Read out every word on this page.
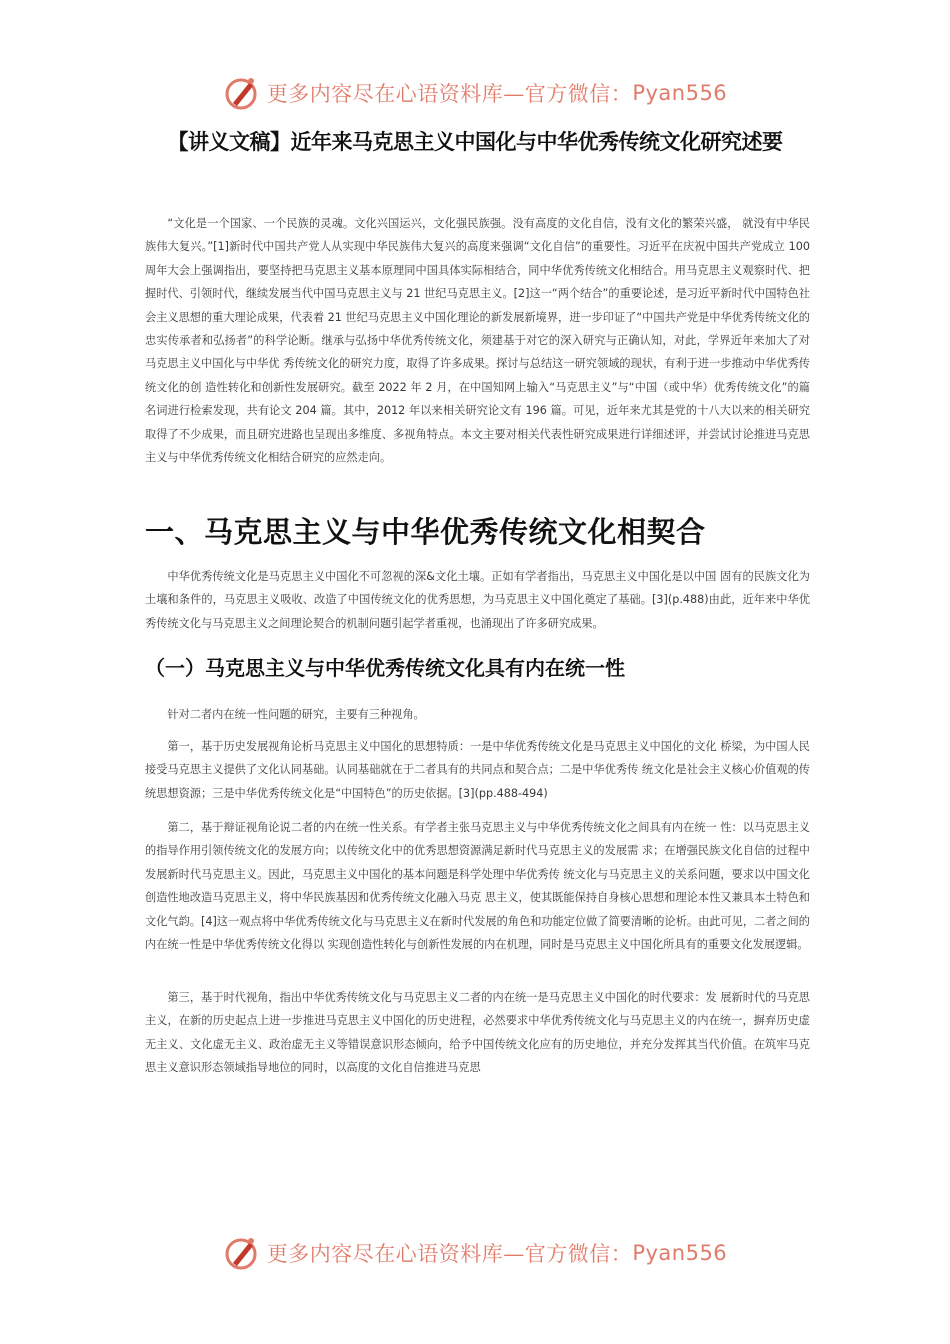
更多内容尽在心语资料库—官方微信： Pyan556
【讲义文稿】近年来马克思主义中国化与中华优秀传统文化研究述要

“文化是一个国家、一个民族的灵魂。文化兴国运兴，文化强民族强。没有高度的文化自信，没有文化的繁荣兴盛， 就没有中华民族伟大复兴。”[1]新时代中国共产党人从实现中华民族伟大复兴的高度来强调“文化自信”的重要性。习近平在庆祝中国共产党成立 100 周年大会上强调指出，要坚持把马克思主义基本原理同中国具体实际相结合，同中华优秀传统文化相结合。用马克思主义观察时代、把握时代、引领时代，继续发展当代中国马克思主义与 21 世纪马克思主义。[2]这一“两个结合”的重要论述，是习近平新时代中国特色社会主义思想的重大理论成果，代表着 21 世纪马克思主义中国化理论的新发展新境界，进一步印证了“中国共产党是中华优秀传统文化的忠实传承者和弘扬者”的科学论断。继承与弘扬中华优秀传统文化，须建基于对它的深入研究与正确认知，对此，学界近年来加大了对马克思主义中国化与中华优 秀传统文化的研究力度，取得了许多成果。探讨与总结这一研究领域的现状，有利于进一步推动中华优秀传统文化的创 造性转化和创新性发展研究。截至 2022 年 2 月，在中国知网上输入“马克思主义”与“中国（或中华）优秀传统文化”的篇名词进行检索发现，共有论文 204 篇。其中，2012 年以来相关研究论文有 196 篇。可见，近年来尤其是党的十八大以来的相关研究取得了不少成果，而且研究进路也呈现出多维度、多视角特点。本文主要对相关代表性研究成果进行详细述评，并尝试讨论推进马克思主义与中华优秀传统文化相结合研究的应然走向。

一、马克思主义与中华优秀传统文化相契合

中华优秀传统文化是马克思主义中国化不可忽视的深&文化土壤。正如有学者指出，马克思主义中国化是以中国 固有的民族文化为土壤和条件的，马克思主义吸收、改造了中国传统文化的优秀思想，为马克思主义中国化奠定了基础。[3](p.488)由此，近年来中华优秀传统文化与马克思主义之间理论契合的机制问题引起学者重视，也涌现出了许多研究成果。

（一）马克思主义与中华优秀传统文化具有内在统一性

针对二者内在统一性问题的研究，主要有三种视角。

第一，基于历史发展视角论析马克思主义中国化的思想特质：一是中华优秀传统文化是马克思主义中国化的文化 桥梁，为中国人民接受马克思主义提供了文化认同基础。认同基础就在于二者具有的共同点和契合点；二是中华优秀传 统文化是社会主义核心价值观的传统思想资源；三是中华优秀传统文化是“中国特色”的历史依据。[3](pp.488-494)

第二，基于辩证视角论说二者的内在统一性关系。有学者主张马克思主义与中华优秀传统文化之间具有内在统一 性：以马克思主义的指导作用引领传统文化的发展方向；以传统文化中的优秀思想资源满足新时代马克思主义的发展需 求；在增强民族文化自信的过程中发展新时代马克思主义。因此，马克思主义中国化的基本问题是科学处理中华优秀传 统文化与马克思主义的关系问题，要求以中国文化创造性地改造马克思主义，将中华民族基因和优秀传统文化融入马克 思主义，使其既能保持自身核心思想和理论本性又兼具本土特色和文化气韵。[4]这一观点将中华优秀传统文化与马克思主义在新时代发展的角色和功能定位做了简要清晰的论析。由此可见，二者之间的内在统一性是中华优秀传统文化得以 实现创造性转化与创新性发展的内在机理，同时是马克思主义中国化所具有的重要文化发展逻辑。

第三，基于时代视角，指出中华优秀传统文化与马克思主义二者的内在统一是马克思主义中国化的时代要求：发 展新时代的马克思主义，在新的历史起点上进一步推进马克思主义中国化的历史进程，必然要求中华优秀传统文化与马克思主义的内在统一，摒弃历史虚无主义、文化虚无主义、政治虚无主义等错误意识形态倾向，给予中国传统文化应有的历史地位，并充分发挥其当代价值。在筑牢马克思主义意识形态领域指导地位的同时，以高度的文化自信推进马克思

更多内容尽在心语资料库—官方微信： Pyan556
